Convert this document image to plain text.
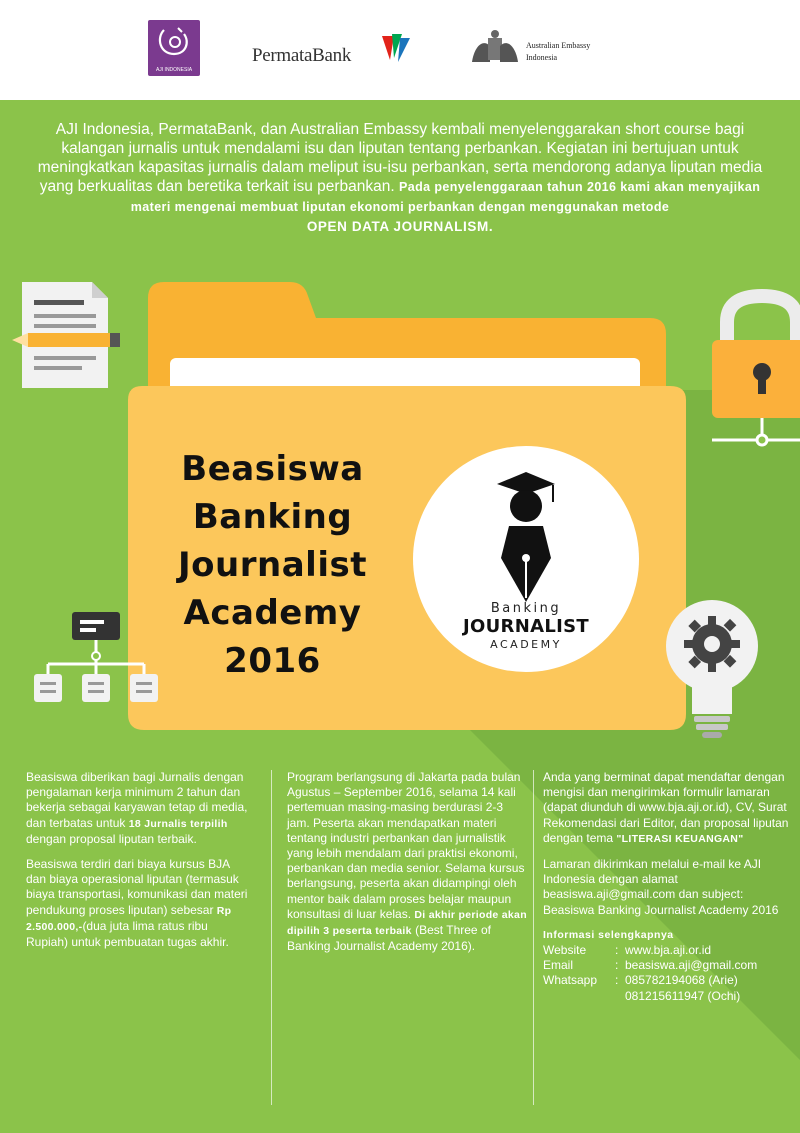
AJI INDONESIA
PermataBank	Australian Embassy
Indonesia
AJI Indonesia, PermataBank, dan Australian Embassy kembali menyelenggarakan short course bagi kalangan jurnalis untuk mendalami isu dan liputan tentang perbankan. Kegiatan ini bertujuan untuk meningkatkan kapasitas jurnalis dalam meliput isu-isu perbankan, serta mendorong adanya liputan media yang berkualitas dan beretika terkait isu perbankan. Pada penyelenggaraan tahun 2016 kami akan menyajikan materi mengenai membuat liputan ekonomi perbankan dengan menggunakan metode
OPEN DATA JOURNALISM.
Beasiswa
Banking
Journalist
Academy
2016
Banking
JOURNALIST
ACADEMY

Beasiswa diberikan bagi Jurnalis dengan pengalaman kerja minimum 2 tahun dan bekerja sebagai karyawan tetap di media, dan terbatas untuk 18 Jurnalis terpilih dengan proposal liputan terbaik.

Beasiswa terdiri dari biaya kursus BJA dan biaya operasional liputan (termasuk biaya transportasi, komunikasi dan materi pendukung proses liputan) sebesar Rp 2.500.000,-(dua juta lima ratus ribu Rupiah) untuk pembuatan tugas akhir.

Program berlangsung di Jakarta pada bulan Agustus – September 2016, selama 14 kali pertemuan masing-masing berdurasi 2-3 jam. Peserta akan mendapatkan materi tentang industri perbankan dan jurnalistik yang lebih mendalam dari praktisi ekonomi, perbankan dan media senior. Selama kursus berlangsung, peserta akan didampingi oleh mentor baik dalam proses belajar maupun konsultasi di luar kelas. Di akhir periode akan dipilih 3 peserta terbaik (Best Three of Banking Journalist Academy 2016).

Anda yang berminat dapat mendaftar dengan mengisi dan mengirimkan formulir lamaran (dapat diunduh di www.bja.aji.or.id), CV, Surat Rekomendasi dari Editor, dan proposal liputan dengan tema "LITERASI KEUANGAN"

Lamaran dikirimkan melalui e-mail ke AJI Indonesia dengan alamat beasiswa.aji@gmail.com dan subject: Beasiswa Banking Journalist Academy 2016

Informasi selengkapnya
Website	: www.bja.aji.or.id
Email	: beasiswa.aji@gmail.com
Whatsapp	: 085782194068 (Arie)
081215611947 (Ochi)
